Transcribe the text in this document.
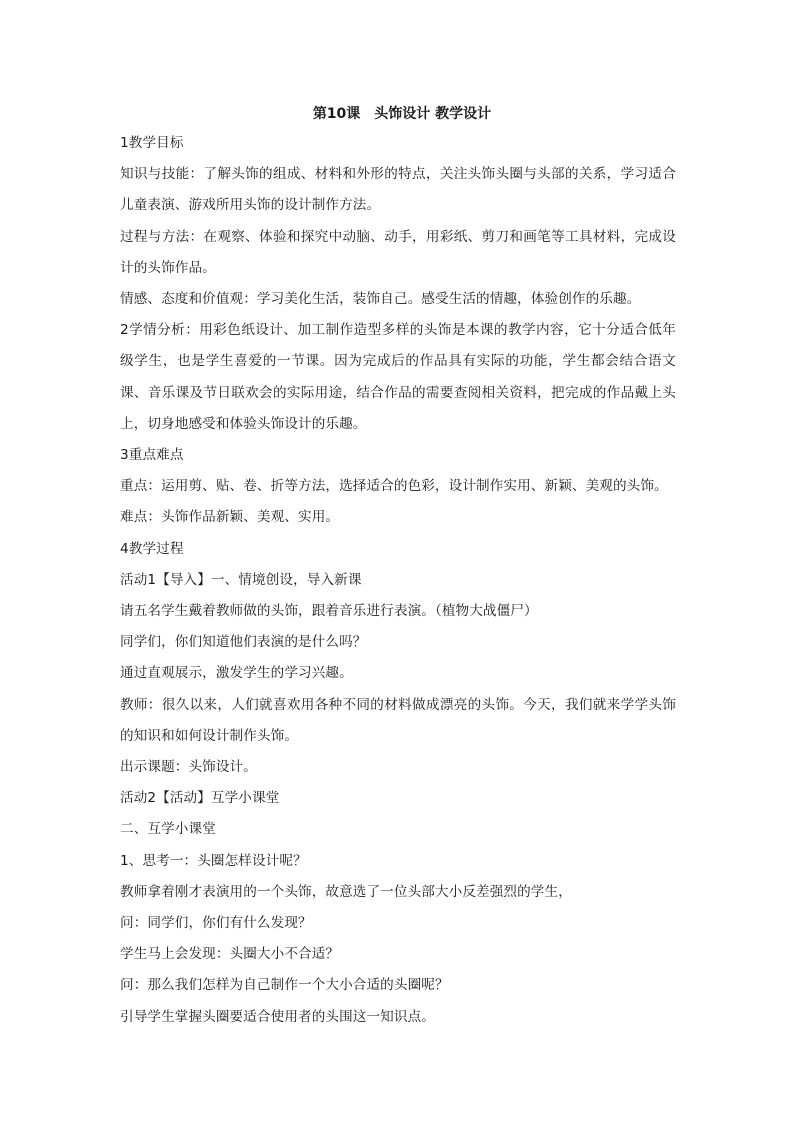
第10课　头饰设计 教学设计

1教学目标

知识与技能：了解头饰的组成、材料和外形的特点，关注头饰头圈与头部的关系，学习适合儿童表演、游戏所用头饰的设计制作方法。

过程与方法：在观察、体验和探究中动脑、动手，用彩纸、剪刀和画笔等工具材料，完成设计的头饰作品。

情感、态度和价值观：学习美化生活，装饰自己。感受生活的情趣，体验创作的乐趣。

2学情分析：用彩色纸设计、加工制作造型多样的头饰是本课的教学内容，它十分适合低年级学生，也是学生喜爱的一节课。因为完成后的作品具有实际的功能，学生都会结合语文课、音乐课及节日联欢会的实际用途，结合作品的需要查阅相关资料，把完成的作品戴上头上，切身地感受和体验头饰设计的乐趣。

3重点难点

重点：运用剪、贴、卷、折等方法，选择适合的色彩，设计制作实用、新颖、美观的头饰。

难点：头饰作品新颖、美观、实用。

4教学过程

活动1【导入】一、情境创设，导入新课

请五名学生戴着教师做的头饰，跟着音乐进行表演。（植物大战僵尸）

同学们，你们知道他们表演的是什么吗？

通过直观展示，激发学生的学习兴趣。

教师：很久以来，人们就喜欢用各种不同的材料做成漂亮的头饰。今天，我们就来学学头饰的知识和如何设计制作头饰。

出示课题：头饰设计。

活动2【活动】互学小课堂

二、互学小课堂

1、思考一：头圈怎样设计呢？

教师拿着刚才表演用的一个头饰，故意选了一位头部大小反差强烈的学生，

问：同学们，你们有什么发现？

学生马上会发现：头圈大小不合适？

问：那么我们怎样为自己制作一个大小合适的头圈呢？

引导学生掌握头圈要适合使用者的头围这一知识点。
